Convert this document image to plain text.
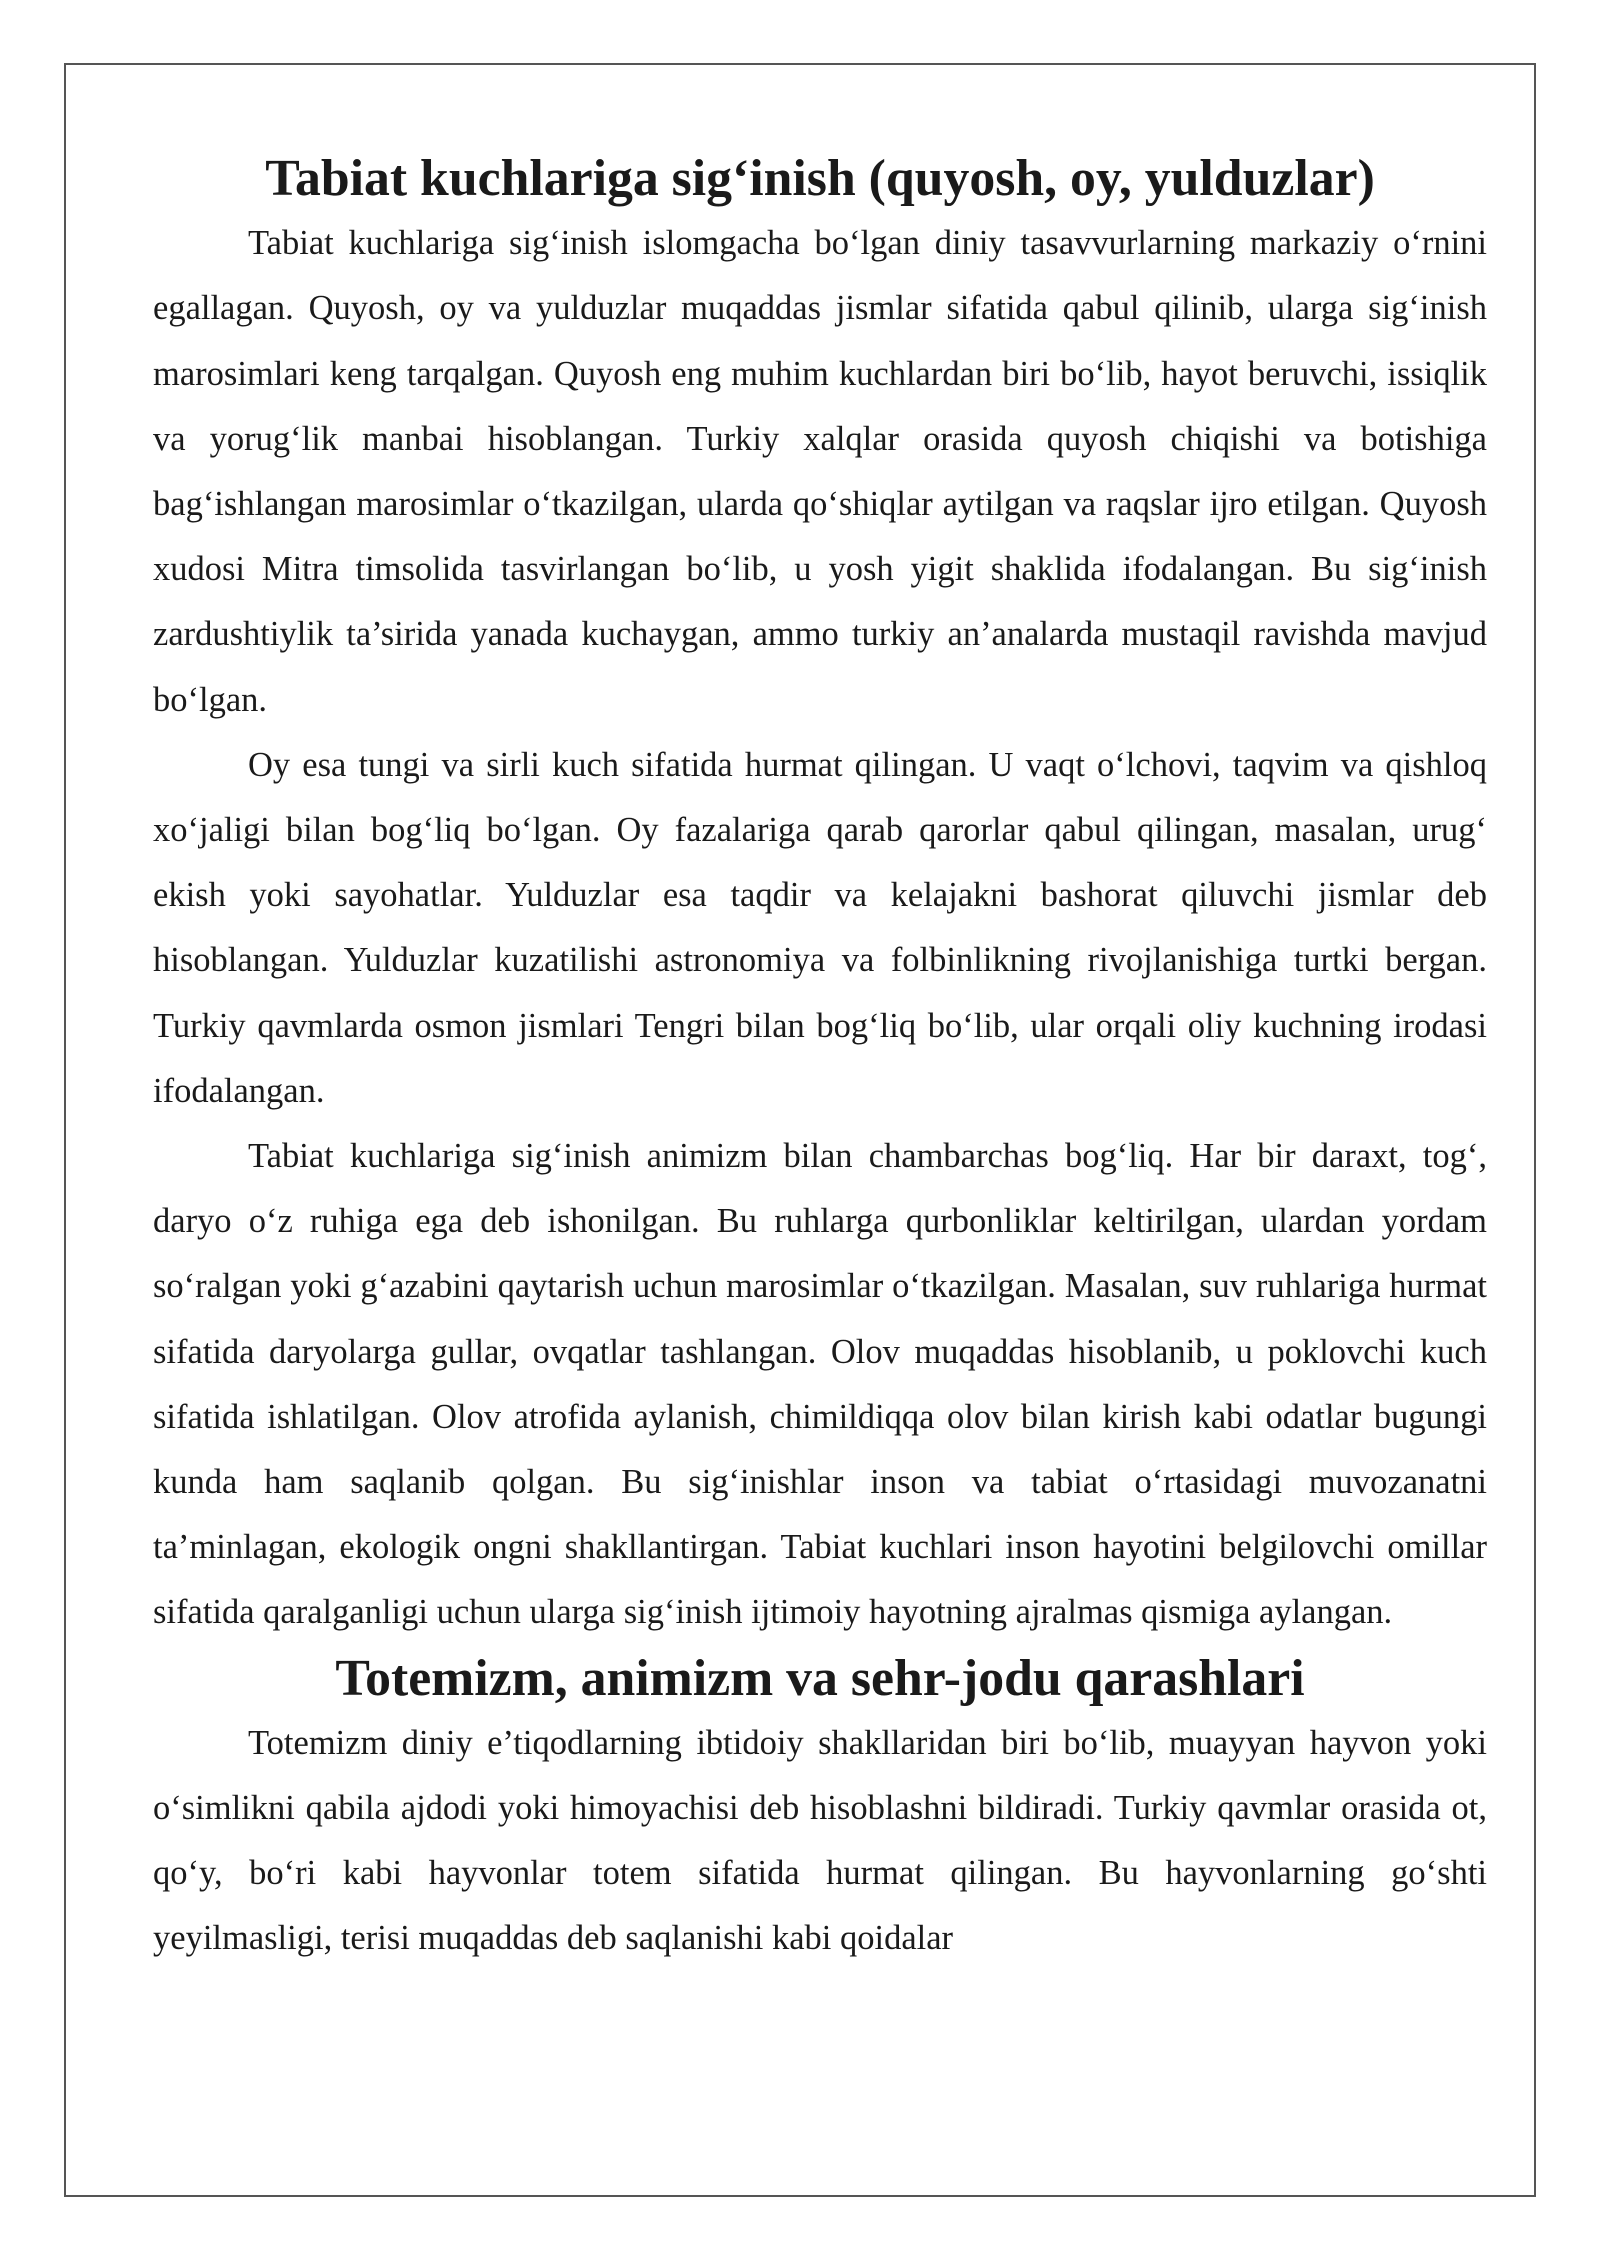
Tabiat kuchlariga sig‘inish (quyosh, oy, yulduzlar)

Tabiat kuchlariga sig‘inish islomgacha bo‘lgan diniy tasavvurlarning markaziy o‘rnini egallagan. Quyosh, oy va yulduzlar muqaddas jismlar sifatida qabul qilinib, ularga sig‘inish marosimlari keng tarqalgan. Quyosh eng muhim kuchlardan biri bo‘lib, hayot beruvchi, issiqlik va yorug‘lik manbai hisoblangan. Turkiy xalqlar orasida quyosh chiqishi va botishiga bag‘ishlangan marosimlar o‘tkazilgan, ularda qo‘shiqlar aytilgan va raqslar ijro etilgan. Quyosh xudosi Mitra timsolida tasvirlangan bo‘lib, u yosh yigit shaklida ifodalangan. Bu sig‘inish zardushtiylik ta’sirida yanada kuchaygan, ammo turkiy an’analarda mustaqil ravishda mavjud bo‘lgan.

Oy esa tungi va sirli kuch sifatida hurmat qilingan. U vaqt o‘lchovi, taqvim va qishloq xo‘jaligi bilan bog‘liq bo‘lgan. Oy fazalariga qarab qarorlar qabul qilingan, masalan, urug‘ ekish yoki sayohatlar. Yulduzlar esa taqdir va kelajakni bashorat qiluvchi jismlar deb hisoblangan. Yulduzlar kuzatilishi astronomiya va folbinlikning rivojlanishiga turtki bergan. Turkiy qavmlarda osmon jismlari Tengri bilan bog‘liq bo‘lib, ular orqali oliy kuchning irodasi ifodalangan.

Tabiat kuchlariga sig‘inish animizm bilan chambarchas bog‘liq. Har bir daraxt, tog‘, daryo o‘z ruhiga ega deb ishonilgan. Bu ruhlarga qurbonliklar keltirilgan, ulardan yordam so‘ralgan yoki g‘azabini qaytarish uchun marosimlar o‘tkazilgan. Masalan, suv ruhlariga hurmat sifatida daryolarga gullar, ovqatlar tashlangan. Olov muqaddas hisoblanib, u poklovchi kuch sifatida ishlatilgan. Olov atrofida aylanish, chimildiqqa olov bilan kirish kabi odatlar bugungi kunda ham saqlanib qolgan. Bu sig‘inishlar inson va tabiat o‘rtasidagi muvozanatni ta’minlagan, ekologik ongni shakllantirgan. Tabiat kuchlari inson hayotini belgilovchi omillar sifatida qaralganligi uchun ularga sig‘inish ijtimoiy hayotning ajralmas qismiga aylangan.

Totemizm, animizm va sehr-jodu qarashlari

Totemizm diniy e’tiqodlarning ibtidoiy shakllaridan biri bo‘lib, muayyan hayvon yoki o‘simlikni qabila ajdodi yoki himoyachisi deb hisoblashni bildiradi. Turkiy qavmlar orasida ot, qo‘y, bo‘ri kabi hayvonlar totem sifatida hurmat qilingan. Bu hayvonlarning go‘shti yeyilmasligi, terisi muqaddas deb saqlanishi kabi qoidalar
